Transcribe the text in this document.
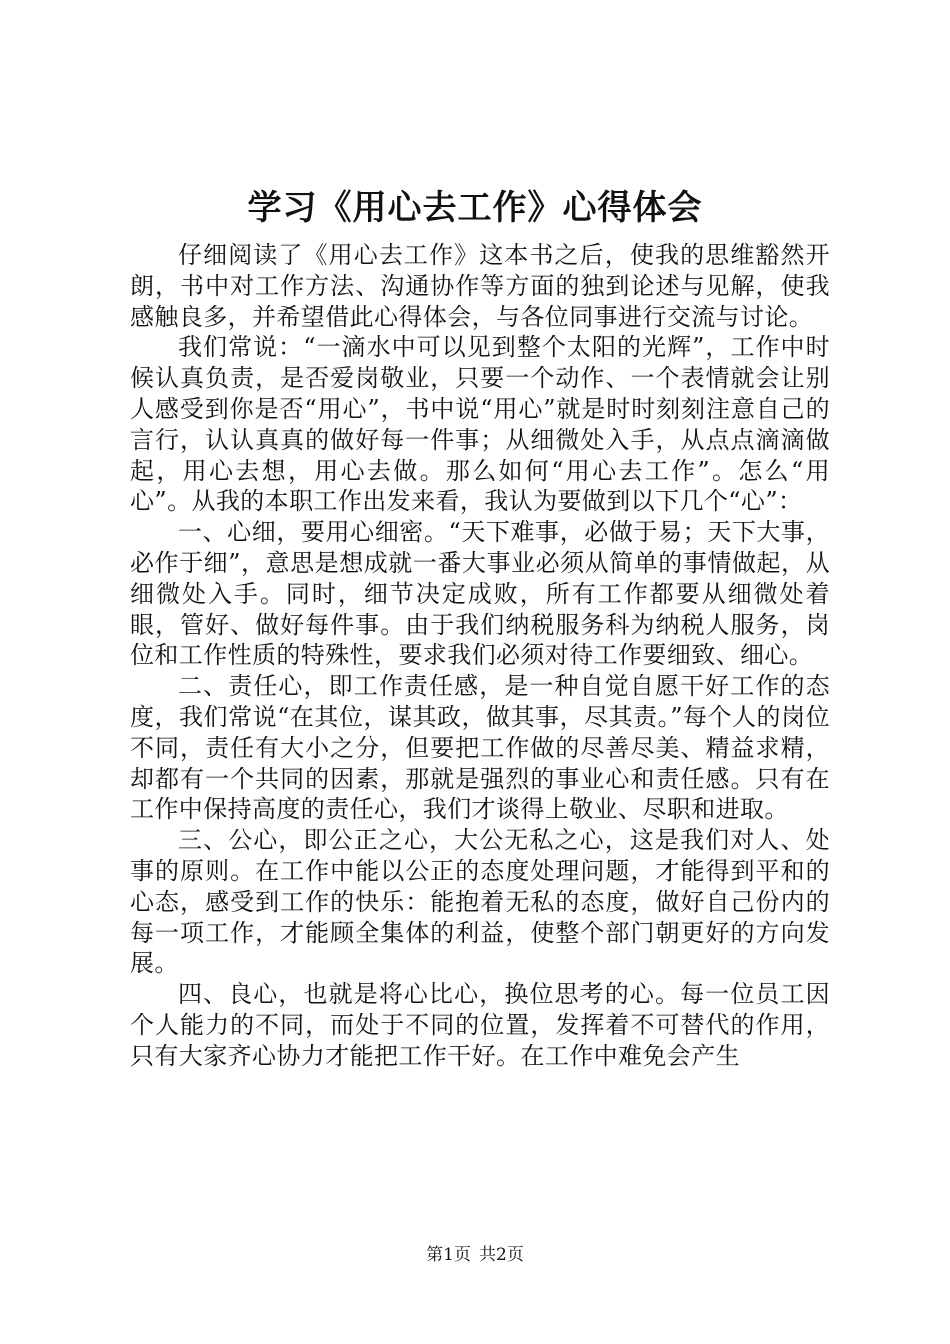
学习《用心去工作》心得体会

仔细阅读了《用心去工作》这本书之后，使我的思维豁然开朗，书中对工作方法、沟通协作等方面的独到论述与见解，使我感触良多，并希望借此心得体会，与各位同事进行交流与讨论。

我们常说：“一滴水中可以见到整个太阳的光辉”，工作中时候认真负责，是否爱岗敬业，只要一个动作、一个表情就会让别人感受到你是否“用心”，书中说“用心”就是时时刻刻注意自己的言行，认认真真的做好每一件事；从细微处入手，从点点滴滴做起，用心去想，用心去做。那么如何“用心去工作”。怎么“用心”。从我的本职工作出发来看，我认为要做到以下几个“心”：

一、心细，要用心细密。“天下难事，必做于易；天下大事，必作于细”，意思是想成就一番大事业必须从简单的事情做起，从细微处入手。同时，细节决定成败，所有工作都要从细微处着眼，管好、做好每件事。由于我们纳税服务科为纳税人服务，岗位和工作性质的特殊性，要求我们必须对待工作要细致、细心。

二、责任心，即工作责任感，是一种自觉自愿干好工作的态度，我们常说“在其位，谋其政，做其事，尽其责。”每个人的岗位不同，责任有大小之分，但要把工作做的尽善尽美、精益求精，却都有一个共同的因素，那就是强烈的事业心和责任感。只有在工作中保持高度的责任心，我们才谈得上敬业、尽职和进取。

三、公心，即公正之心，大公无私之心，这是我们对人、处事的原则。在工作中能以公正的态度处理问题，才能得到平和的心态，感受到工作的快乐：能抱着无私的态度，做好自己份内的每一项工作，才能顾全集体的利益，使整个部门朝更好的方向发展。

四、良心，也就是将心比心，换位思考的心。每一位员工因个人能力的不同，而处于不同的位置，发挥着不可替代的作用，只有大家齐心协力才能把工作干好。在工作中难免会产生

第1页 共2页
